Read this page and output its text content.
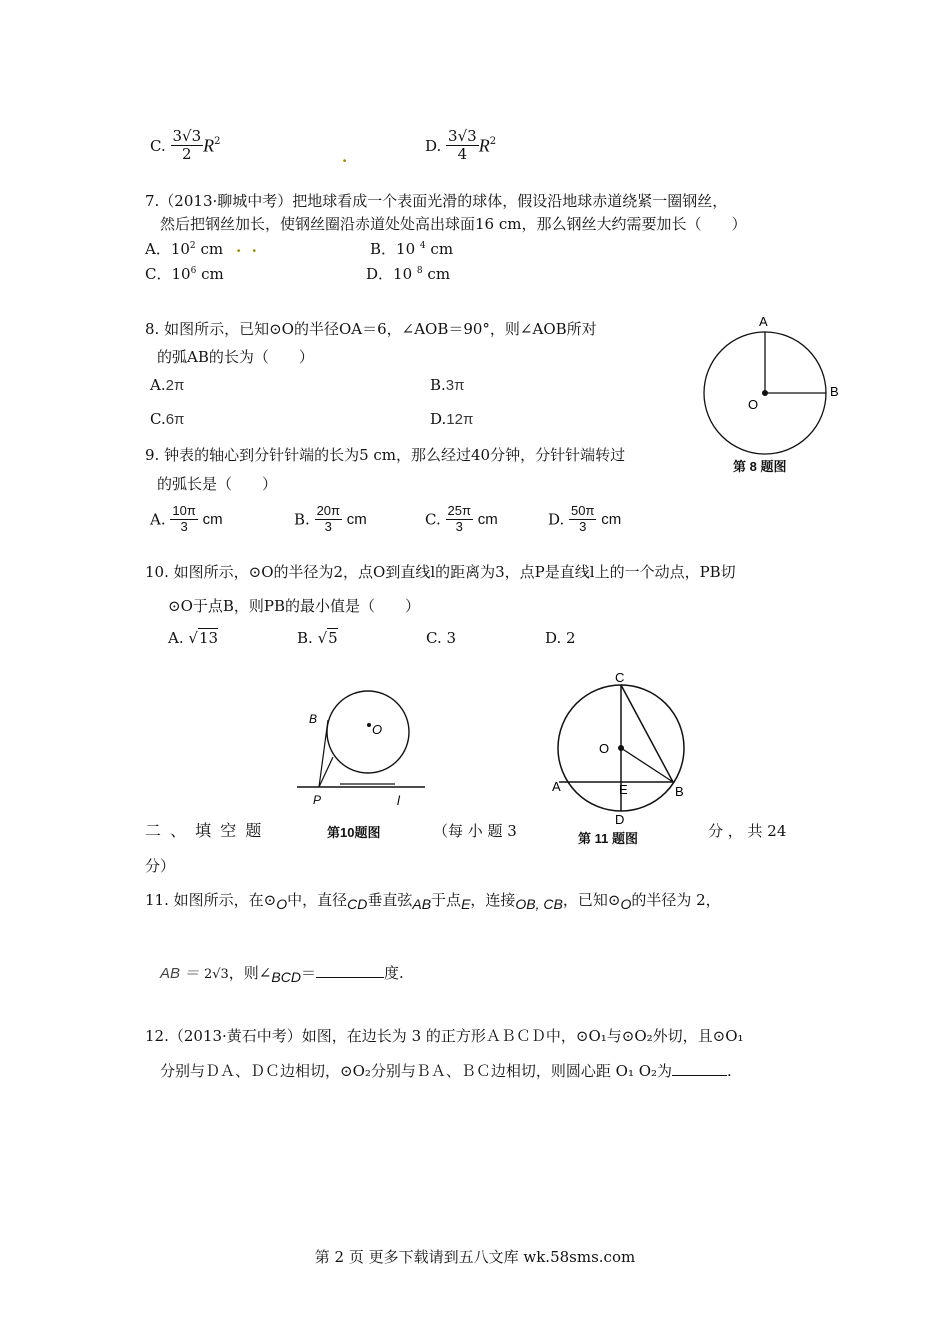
C. $\frac{3√3}{2} R^2$
.
D. $\frac{3√3}{4} R^2$
7.（2013·聊城中考）把地球看成一个表面光滑的球体，假设沿地球赤道绕紧一圈钢丝，
然后把钢丝加长，使钢丝圈沿赤道处处高出球面16 cm，那么钢丝大约需要加长（　　）
A．$10^2$ cm .  .	B．10 $^4$ cm
C．$10^6$ cm	D．10 $^8$ cm
8. 如图所示，已知⊙O的半径OA＝6，∠AOB＝90°，则∠AOB所对
的弧AB的长为（　　）
A.2π	B.3π
C.6π	D.12π
A
B
O
第 8 题图
9. 钟表的轴心到分针针端的长为5 cm，那么经过40分钟，分针针端转过
的弧长是（　　）
A. $\frac{10\pi}{3}$ cm	B. $\frac{20\pi}{3}$ cm	C. $\frac{25\pi}{3}$ cm	D. $\frac{50\pi}{3}$ cm
10. 如图所示，⊙O的半径为2，点O到直线l的距离为3，点P是直线l上的一个动点，PB切
⊙O于点B，则PB的最小值是（　　）
A. √13	B. √5	C. 3	D. 2
B
O
P	l
第10题图
C
O
A	E	B
D
第 11 题图
二 、 填 空 题	（每 小 题 3	分 ， 共 24
分）
11. 如图所示，在$⊙_O$中，直径$_{CD}$垂直弦$_{AB}$于点$_E$，连接$_{OB, CB}$，已知$⊙_O$的半径为 2，
AB ＝ 2√3，则$\angle_{BCD}=$	度.
12.（2013·黄石中考）如图，在边长为 3 的正方形ＡＢＣＤ中，⊙O₁与⊙O₂外切，且⊙O₁
分别与ＤＡ、ＤＣ边相切，⊙O₂分别与ＢＡ、ＢＣ边相切，则圆心距 O₁ O₂为	.
第 2 页 更多下载请到五八文库 wk.58sms.com
